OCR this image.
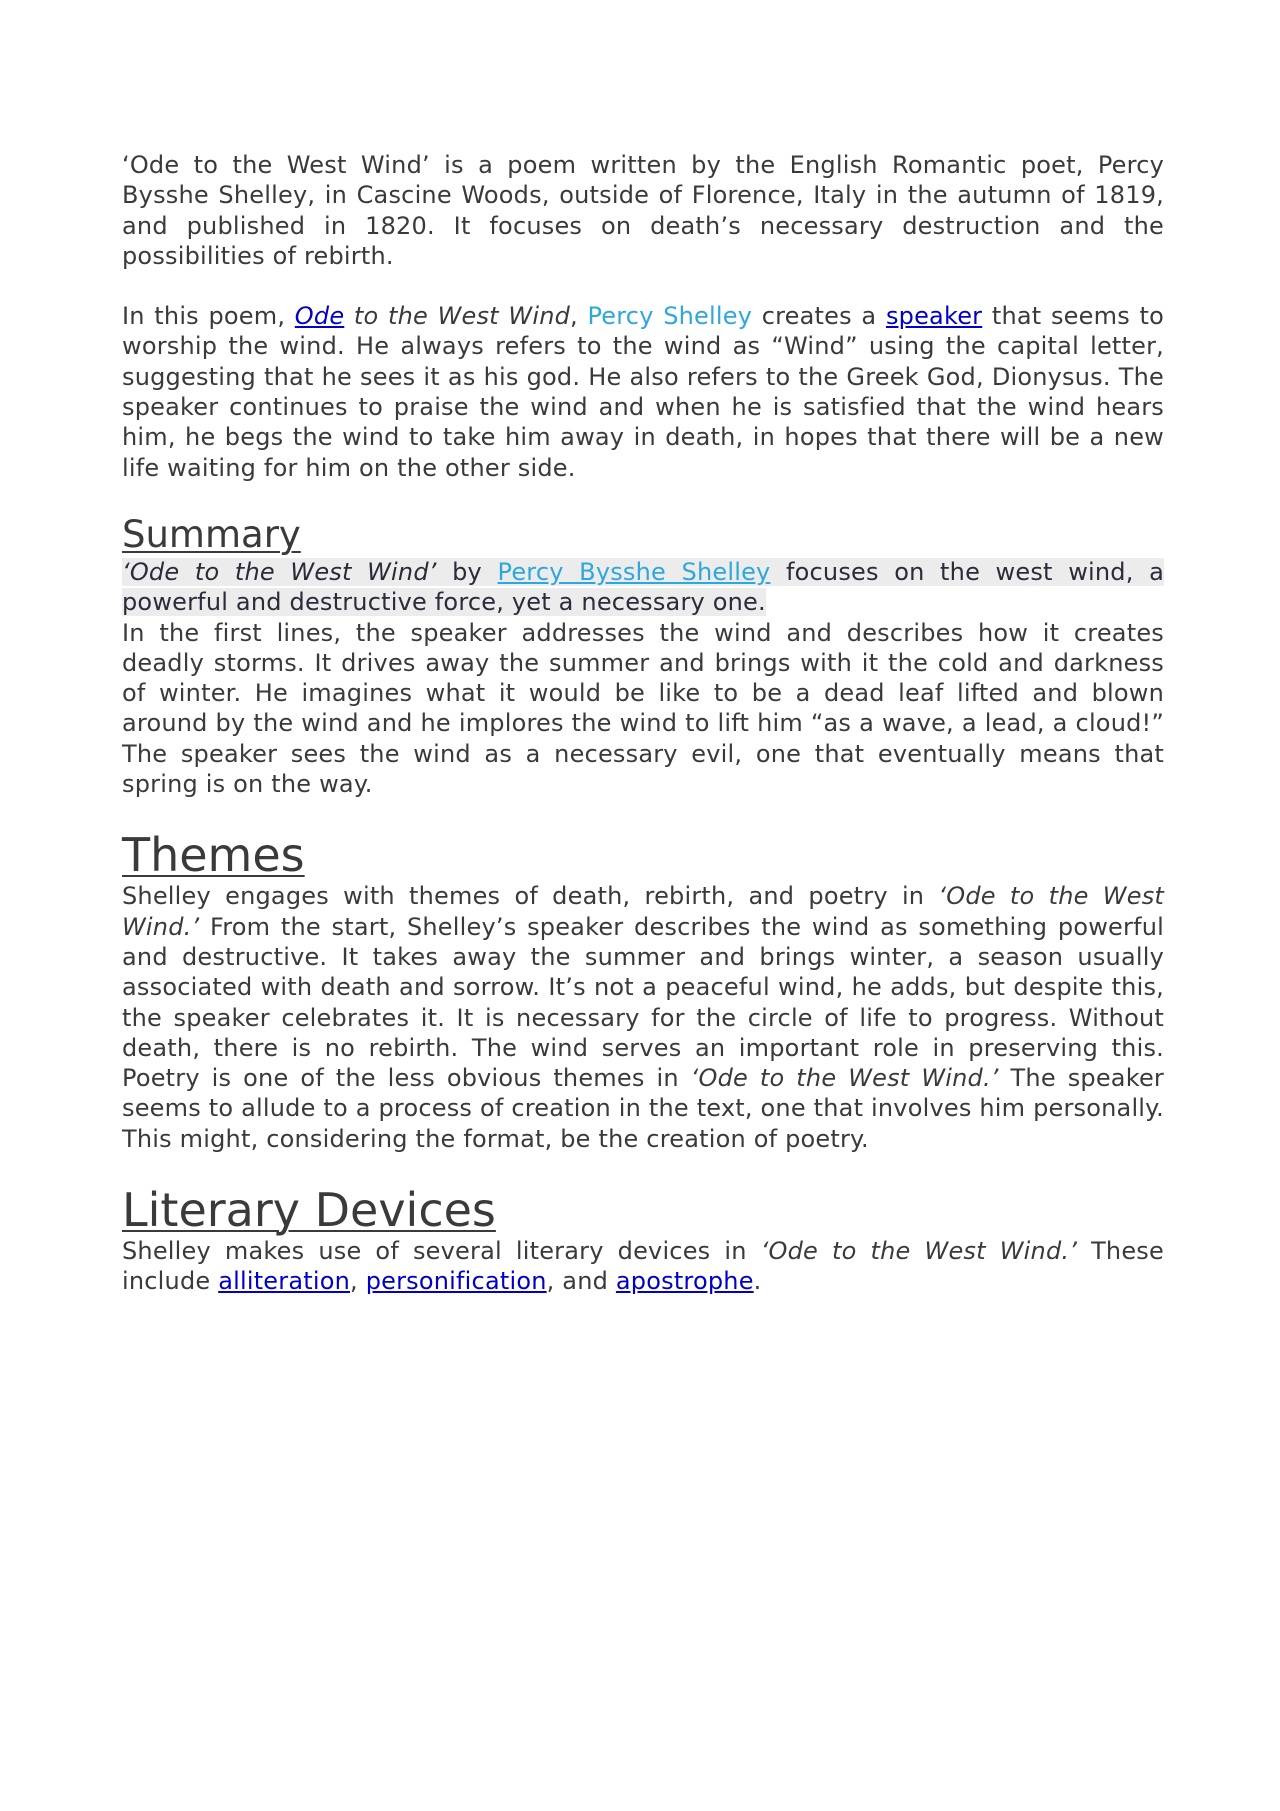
‘Ode to the West Wind’ is a poem written by the English Romantic poet, Percy Bysshe Shelley, in Cascine Woods, outside of Florence, Italy in the autumn of 1819, and published in 1820. It focuses on death’s necessary destruction and the possibilities of rebirth.

In this poem, Ode to the West Wind, Percy Shelley creates a speaker that seems to worship the wind. He always refers to the wind as “Wind” using the capital letter, suggesting that he sees it as his god. He also refers to the Greek God, Dionysus. The speaker continues to praise the wind and when he is satisfied that the wind hears him, he begs the wind to take him away in death, in hopes that there will be a new life waiting for him on the other side.

Summary

‘Ode to the West Wind’ by Percy Bysshe Shelley focuses on the west wind, a powerful and destructive force, yet a necessary one.

In the first lines, the speaker addresses the wind and describes how it creates deadly storms. It drives away the summer and brings with it the cold and darkness of winter. He imagines what it would be like to be a dead leaf lifted and blown around by the wind and he implores the wind to lift him “as a wave, a lead, a cloud!” The speaker sees the wind as a necessary evil, one that eventually means that spring is on the way.

Themes

Shelley engages with themes of death, rebirth, and poetry in ‘Ode to the West Wind.’ From the start, Shelley’s speaker describes the wind as something powerful and destructive. It takes away the summer and brings winter, a season usually associated with death and sorrow. It’s not a peaceful wind, he adds, but despite this, the speaker celebrates it. It is necessary for the circle of life to progress. Without death, there is no rebirth. The wind serves an important role in preserving this. Poetry is one of the less obvious themes in ‘Ode to the West Wind.’ The speaker seems to allude to a process of creation in the text, one that involves him personally. This might, considering the format, be the creation of poetry.

Literary Devices

Shelley makes use of several literary devices in ‘Ode to the West Wind.’ These include alliteration, personification, and apostrophe.
